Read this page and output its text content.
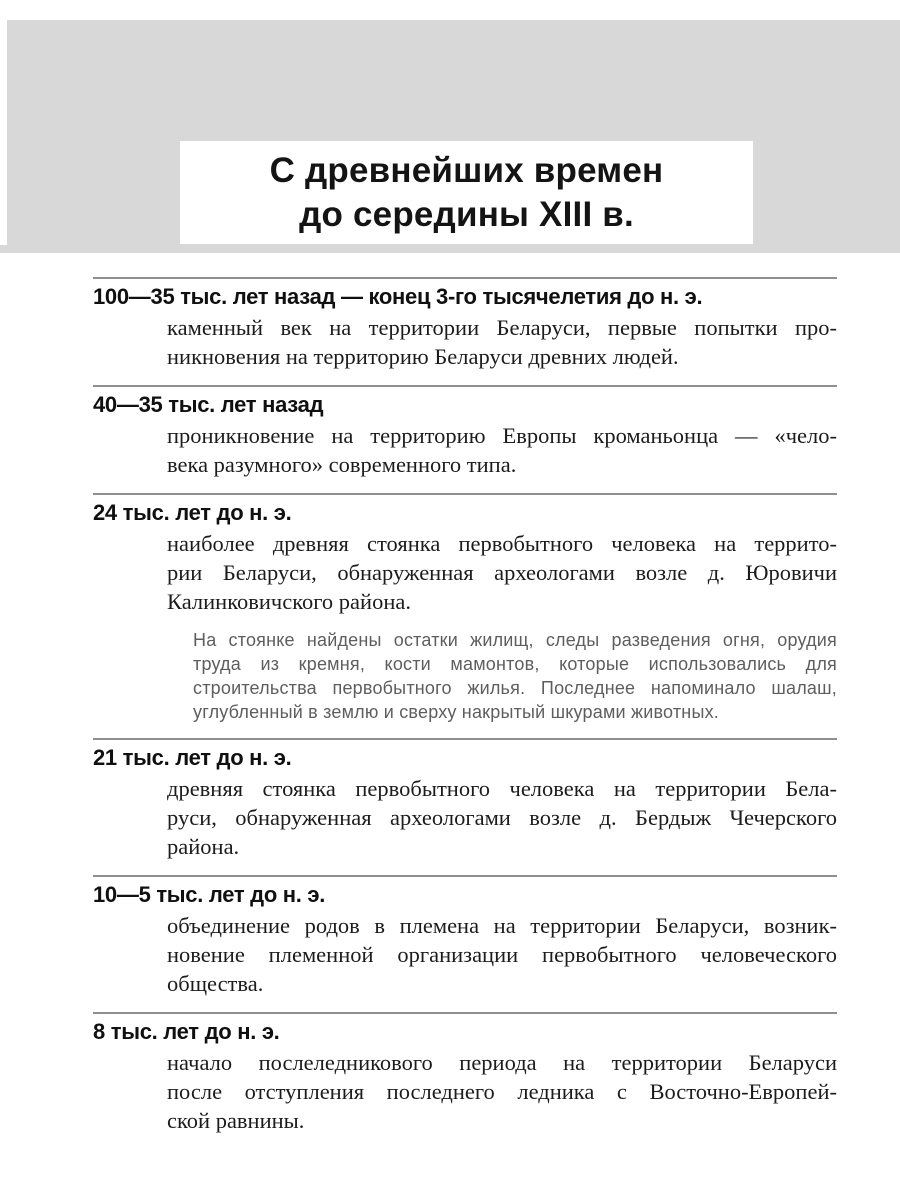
С древнейших времен
до середины XIII в.
100—35 тыс. лет назад — конец 3-го тысячелетия до н. э.
каменный век на территории Беларуси, первые попытки про-
никновения на территорию Беларуси древних людей.
40—35 тыс. лет назад
проникновение на территорию Европы кроманьонца — «чело-
века разумного» современного типа.
24 тыс. лет до н. э.
наиболее древняя стоянка первобытного человека на террито-
рии Беларуси, обнаруженная археологами возле д. Юровичи
Калинковичского района.
На стоянке найдены остатки жилищ, следы разведения огня, орудия
труда из кремня, кости мамонтов, которые использовались для
строительства первобытного жилья. Последнее напоминало шалаш,
углубленный в землю и сверху накрытый шкурами животных.
21 тыс. лет до н. э.
древняя стоянка первобытного человека на территории Бела-
руси, обнаруженная археологами возле д. Бердыж Чечерского
района.
10—5 тыс. лет до н. э.
объединение родов в племена на территории Беларуси, возник-
новение племенной организации первобытного человеческого
общества.
8 тыс. лет до н. э.
начало послеледникового периода на территории Беларуси
после отступления последнего ледника с Восточно-Европей-
ской равнины.
